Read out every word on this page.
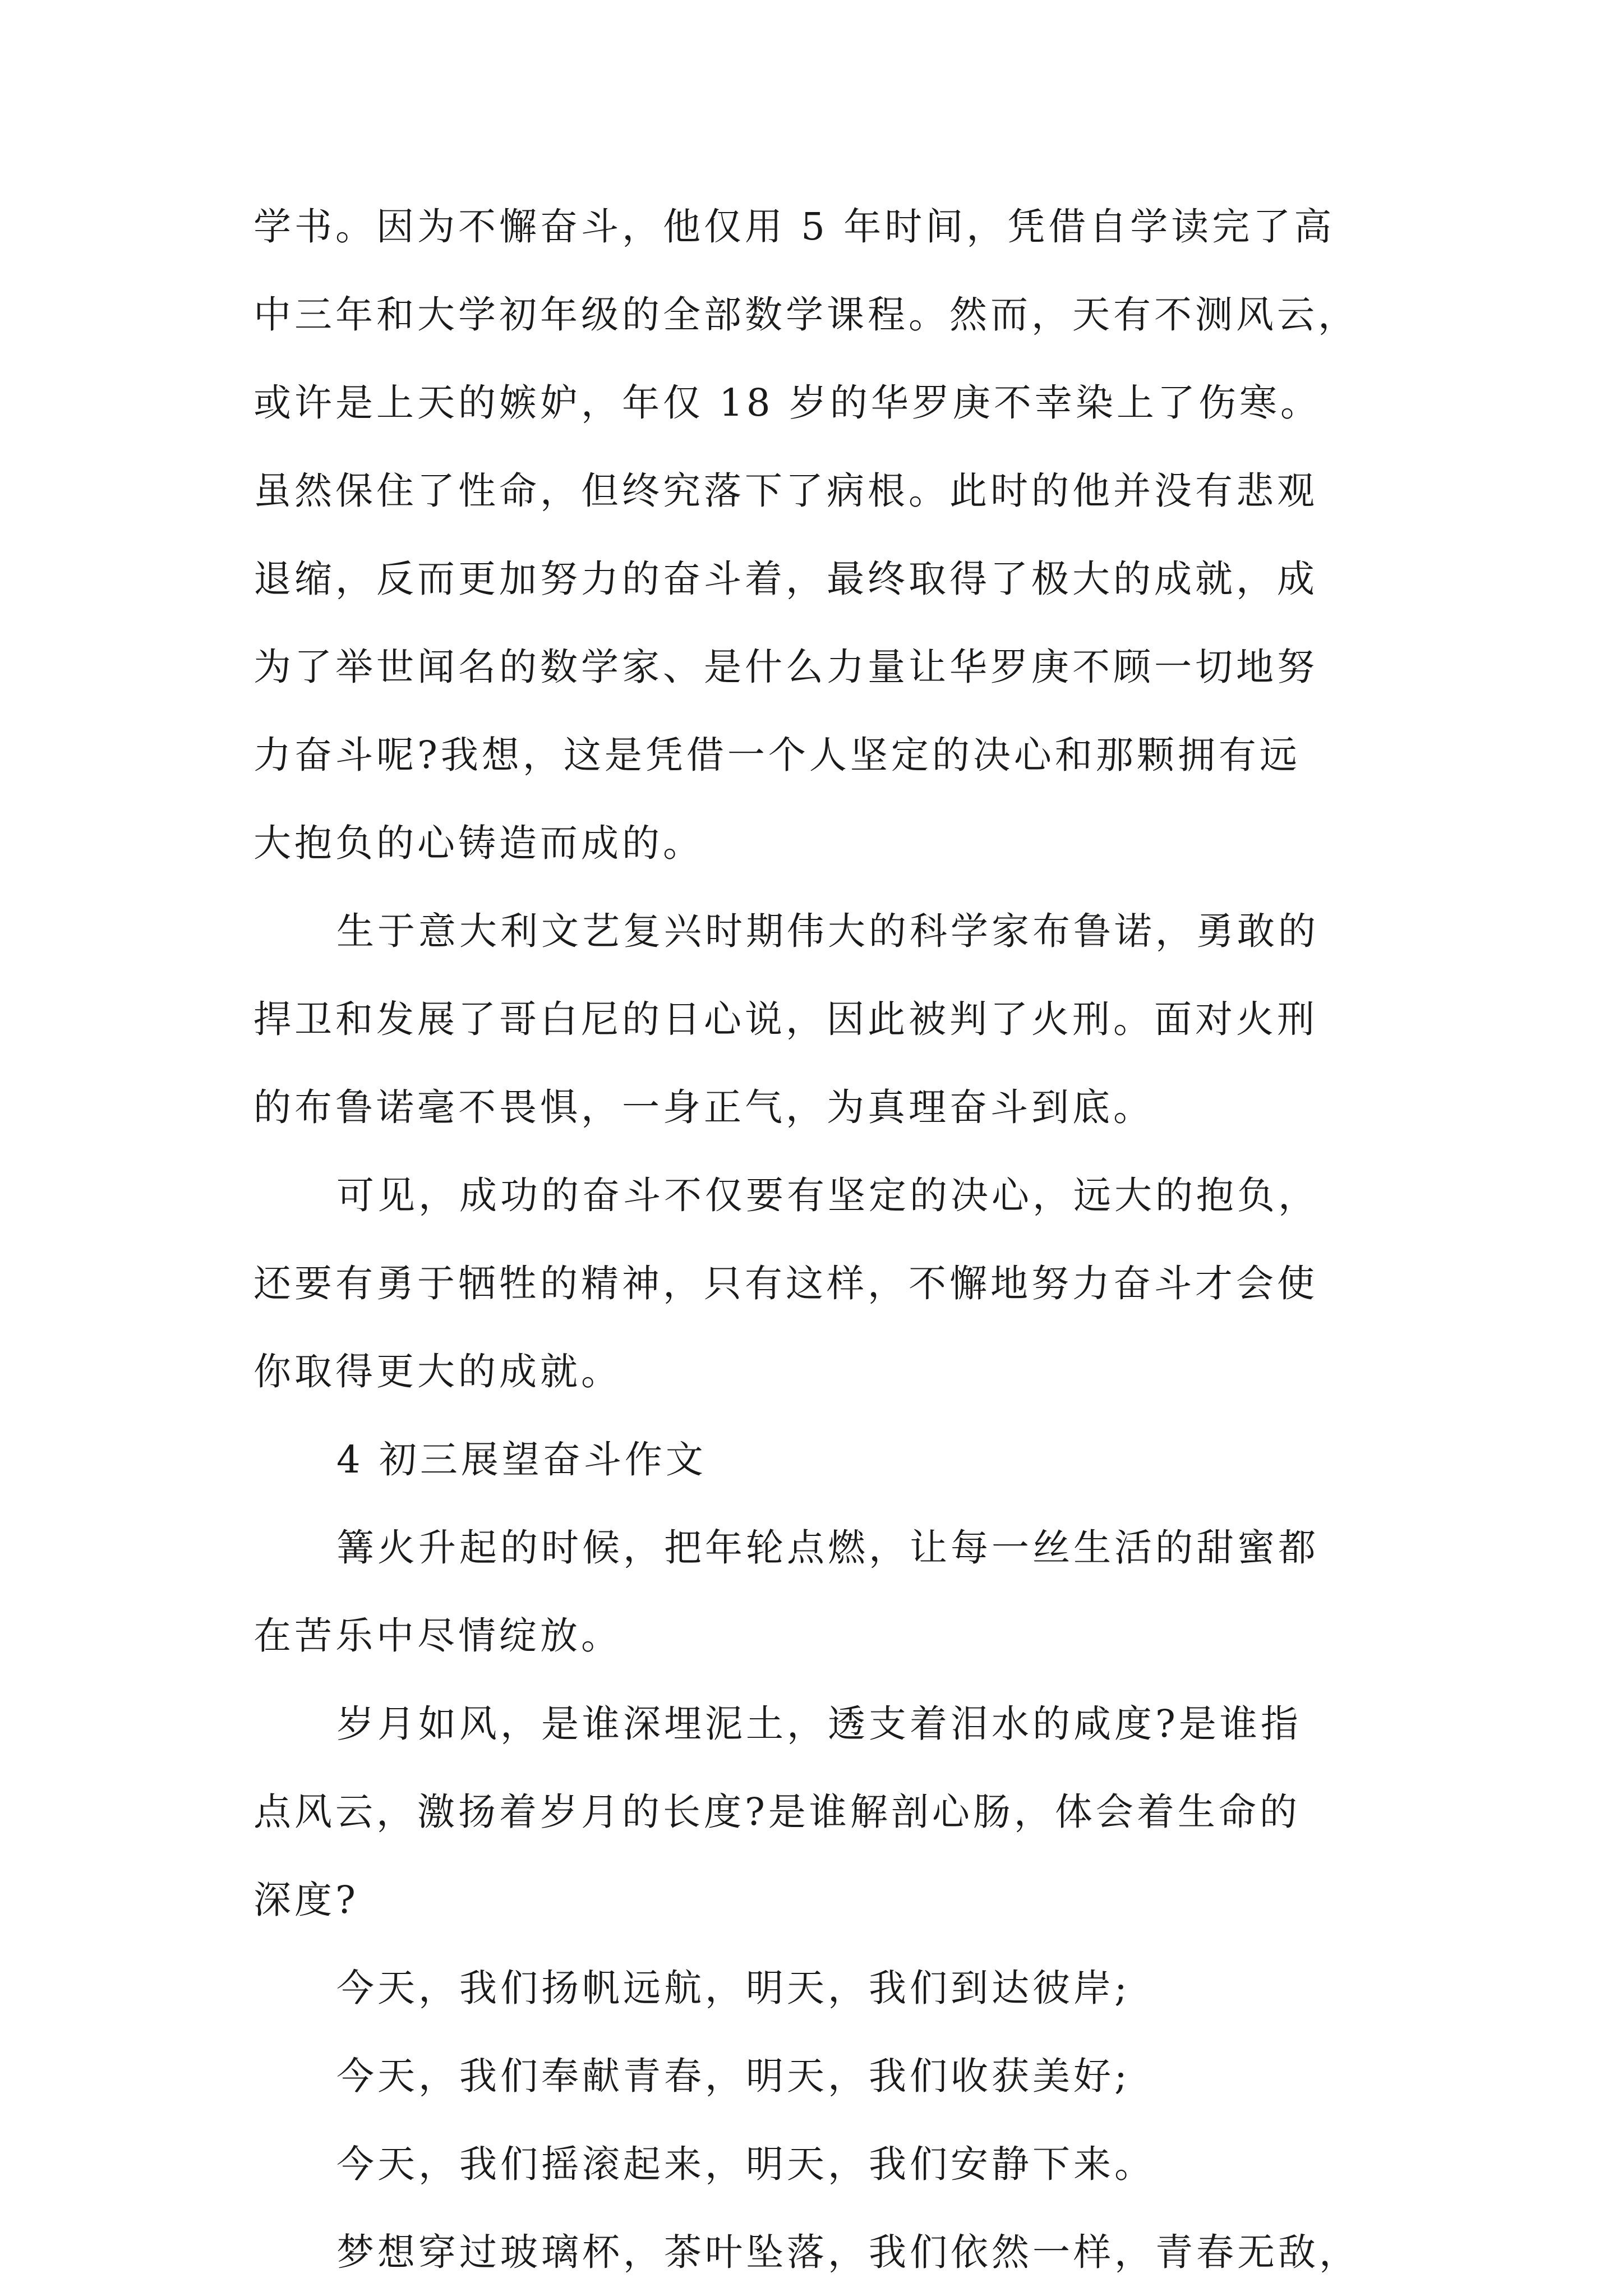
学书。因为不懈奋斗，他仅用 5 年时间，凭借自学读完了高
中三年和大学初年级的全部数学课程。然而，天有不测风云，
或许是上天的嫉妒，年仅 18 岁的华罗庚不幸染上了伤寒。
虽然保住了性命，但终究落下了病根。此时的他并没有悲观
退缩，反而更加努力的奋斗着，最终取得了极大的成就，成
为了举世闻名的数学家、是什么力量让华罗庚不顾一切地努
力奋斗呢?我想，这是凭借一个人坚定的决心和那颗拥有远
大抱负的心铸造而成的。
生于意大利文艺复兴时期伟大的科学家布鲁诺，勇敢的
捍卫和发展了哥白尼的日心说，因此被判了火刑。面对火刑
的布鲁诺毫不畏惧，一身正气，为真理奋斗到底。
可见，成功的奋斗不仅要有坚定的决心，远大的抱负，
还要有勇于牺牲的精神，只有这样，不懈地努力奋斗才会使
你取得更大的成就。
4 初三展望奋斗作文
篝火升起的时候，把年轮点燃，让每一丝生活的甜蜜都
在苦乐中尽情绽放。
岁月如风，是谁深埋泥土，透支着泪水的咸度?是谁指
点风云，激扬着岁月的长度?是谁解剖心肠，体会着生命的
深度?
今天，我们扬帆远航，明天，我们到达彼岸;
今天，我们奉献青春，明天，我们收获美好;
今天，我们摇滚起来，明天，我们安静下来。
梦想穿过玻璃杯，茶叶坠落，我们依然一样，青春无敌，
